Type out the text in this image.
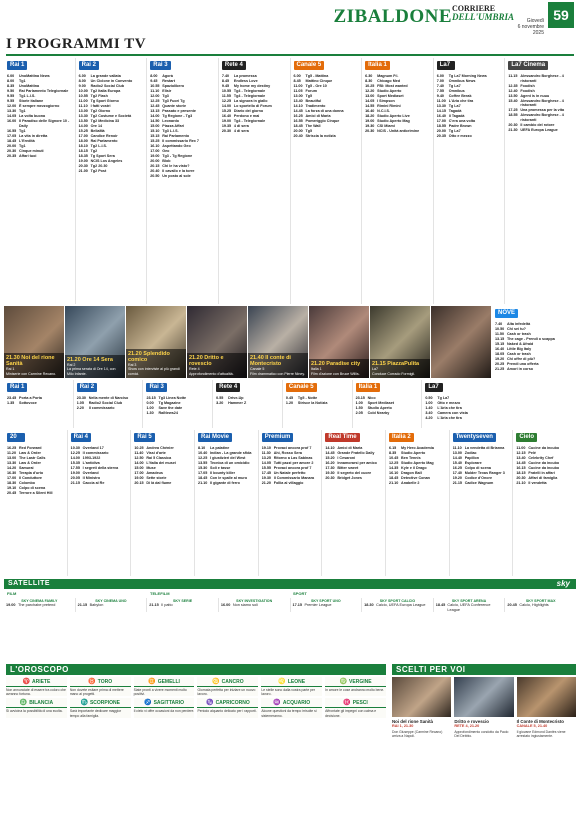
ZIBALDONE CORRIERE
DELL'UMBRIA	Giovedì
6 novembre
2025
59
I PROGRAMMI TV
Rai 1
6.00	UnoMattina News
8.00	Tg1
8.35	UnoMattina
9.50	Rai Parlamento Telegiornale
9.55	Tg1 L.I.S.
9.55	Storie italiane
12.00 È sempre mezzogiorno
13.30 Tg1
14.05 La volta buona
16.00 Il Paradiso delle Signore 10 - Daily
16.55 Tg1
17.05 La vita in diretta
18.45 L'Eredità
20.00 Tg1
20.30 Cinque minuti
20.35 Affari tuoi
Rai 2
6.00	La grande vallata
8.00	Un Ciclone in Convento
9.00	Radio2 Social Club
10.00 Tg2 Italia Europa
10.55 Tg2 Flash
11.00 Tg Sport Giorno
11.10 I fatti vostri
13.00 Tg2 Giorno
13.30 Tg2 Costume e Società
13.50 Tg2 Medicina 33
14.00 Ore 14
15.25 BellaMà
17.00 Candice Renoir
18.00 Rai Parlamento
18.10 Tg2 L.I.S.
18.15 Tg2
18.35 Tg Sport Sera
19.00 NCIS Los Angeles
20.30 Tg2 20.30
21.00 Tg2 Post
Rai 3
8.00	Agorà
9.45	Restart
10.55 Spaziolibero
11.10 Elisir
12.00 Tg3
12.25 Tg3 Fuori Tg
12.45 Quante storie
13.15 Passato e presente
14.00 Tg Regione - Tg3
14.50 Leonardo
15.00 Piazza Affari
15.10 Tg3 L.I.S.
15.15 Rai Parlamento
15.25 Il commissario Rex 7
16.10 Aspettando Geo
17.00 Geo
19.00 Tg3 - Tg Regione
20.00 Blob
20.15 Chi le ha visto?
20.40 Il cavallo e la torre
20.50 Un posto al sole
Rete 4
7.40	La promessa
8.45	Endless Love
9.45	My home my destiny
10.55 Tg4 - Telegiornale
11.55 Tg4 - Telegiornale
12.25 La signora in giallo
14.00 Lo sportello di Forum
15.25 Diario del giorno
16.40 Perdono e mai
19.00 Tg4 - Telegiornale
19.35 4 di sera
20.30 4 di sera
Canale 5
6.00	Tg5 - Mattina
8.45	Mattino Cinque
11.00 Tg5 - Ore 10
11.05 Forum
13.00 Tg5
13.40 Beautiful
14.10 Tradimento
14.45 La forza di una donna
16.25 Amici di Maria
16.55 Pomeriggio Cinque
18.45 The Wall
20.00 Tg5
20.40 Striscia la notizia
Italia 1
6.30	Magnum P.I.
8.30	Chicago Med
10.25 FBI: Most wanted
12.20 Studio Aperto
13.00 Sport Mediaset
14.05 I Simpson
14.55 Rimini Rimini
16.40 N.C.I.S.
18.20 Studio Aperto Live
19.00 Studio Aperto Mag
19.30 CSI Miami
20.30 NCIS - Unità anticrimine
La7
6.00	Tg La7 Morning News
7.00	Omnibus News
7.40	Tg La7
7.55	Omnibus
9.40	Coffee Break
11.00 L'Aria che tira
13.30 Tg La7
14.15 Tagadà
16.40 Il Tagadà
17.00 C'era una volta
18.55 Padre Brown
20.00 Tg La7
20.35 Otto e mezzo
La7 Cinema
11.15 Alessandro Borghese - 4 ristoranti
12.35 Foodish
12.40 Foodish
13.50 Agent is in nuuu
15.40 Alessandro Borghese - 4 ristoranti
17.25 Una promessa per la vita
18.55 Alessandro Borghese - 4 ristoranti
20.30 Il cambio del rotore
21.30 UEFA Europa League
NOVE
7.40	Alta infedeltà
10.50 Chi sei tu?
11.50 Cash or trash
13.15 The cage - Prendi o scappa
15.15 Naked & Afraid
16.40 Little Big Italy
18.05 Cash or trash
19.20 Chi offre di più?
20.25 Prendi una offerta
21.25 Amori in corso
21.30 Noi del rione Sanità
Rai 1
Miniserie con Carmine Recano.
21.20 Ore 14 Sera
Rai 2
La prima serata di Ore 14, con Milo Infante.
21.20 Splendido comico
Rai 3
Show con interviste ai più grandi comici.
21.20 Dritto e rovescio
Rete 4
Approfondimento d'attualità.
21.40 Il conte di Montecristo
Canale 5
Film drammatico con Pierre Niney.
21.20 Paradise city
Italia 1
Film d'azione con Bruce Willis.
21.15 PiazzaPulita
La7
Conduce Corrado Formigli.
Rai 1
23.45 Porta a Porta
1.35	Sottovoce
Rai 2
23.30 Nella mente di Narciso
1.05	Radio2 Social Club
2.20	Il commissario
Rai 3
23.15 Tg3 Linea Notte
0.00	Tg Magazine
1.00	Save the date
1.30	RaiNews24
Rete 4
0.55	Drive-Up
3.20	Hammer Z
Canale 5
0.45	Tg5 - Notte
1.20	Strisce la Notizia
Italia 1
23.15 Nico
1.00	Sport Mediaset
1.50	Studio Aperto
2.05	Cold Nearby
La7
0.50	Tg La7
1.00	Otto e mezzo
1.40	L'Aria che tira
3.40	Camera con vista
4.20	L'Aria che tira
20
16.25 Red Forward
11.20 Law & Order
13.00 The Lastr Calls
13.30 Law & Order
14.20 Samurai
16.30 Terapia d'urto
17.00 Il Conduttore
18.30 Colombo
19.10 Colpo di scena
20.45 Terrore a Silent Hill
Rai 4
10.30 Overland 17
12.25 Il commissario
14.00 1993-1922
15.35 L'antidiva
17.55 I segreti della sterva
19.00 Overland
20.05 Il Ministro
21.15 Caccia al Re
Rai 5
10.25 Andrea Chénier
11.40 Vissi d'arte
12.50 Rai 5 Classica
14.00 L'Italia dei musei
15.00 Muse
17.00 Amadeus
19.00 Sette storie
20.15 Di là dal fiume
Rai Movie
8.10	La palatine
10.40 Indian - La grande sfida
12.25 I giustizieri del West
13.55 Tecnica di un omicidio
15.30 Soli e tasse
17.05 Il bounty killer
18.45 Con le spalle al muro
21.10 Il gigante di ferro
Premium
19.10 Provaci ancora prof 7
11.30 Ahi, Rosso Sera
13.25 Ritorno a Las Sabinas
14.05 Tutti pazzi per amore 2
15.55 Provaci ancora prof 7
17.45 Un Natale perfetto
19.30 Il Commissario Manara
21.20 Follia al villaggio
Real Time
14.10 Amici di Maria
14.45 Grande Fratello Daily
15.20 I Cesaroni
16.20 Innamorarsi per amico
17.30 Bitter sweet
19.30 Il segreto del cuore
20.30 Bridget Jones
Italia 2
6.15	My Hero Academia
8.35	Studio Aperto
10.45 Ben Tennis
12.25 Studio Aperto Mag
14.35 Kyle e il Drago
16.10 Dragon Ball
18.45 Detective Conan
21.10 Anabelle 2
Twentyseven
11.10 La vendetta di Brianna
13.00 Zodiac
14.40 Papillon
15.40 Esplorare
16.25 Colpo di scena
17.40 Mulder Texas Ranger 3
19.20 Codice d'Onore
21.15 Cadice Wagnum
Cielo
11.00 Cucine da incubo
12.15 Pelé
13.40 Celebrity Chef
14.45 Cucine da incubo
16.15 Cucine da incubo
18.15 Fratelli in affari
20.30 Affari di famiglia
21.10 Il vendetta
SATELLITE	sky
FILM	TELEFILM	SPORT
SKY CINEMA FAMILY
19.00 The parchabe pretend
SKY CINEMA UNO
21.15 Babylon
SKY SERIE
21.15 Il patto
SKY INVESTIGATION
16.00 Non siamo soli
SKY SPORT UNO
17.15 Premier League
SKY SPORT CALCIO
18.30 Calcio, UEFA Europa League
SKY SPORT ARENA
18.45 Calcio, UEFA Conference League
SKY SPORT MAX
20.45 Calcio, Highlights
L'OROSCOPO
♈ ARIETE
Non annunciate di essere tra coloro che avranno fortuna.
♉ TORO
Non dovete esitare prima di mettere mano ai progetti.
♊ GEMELLI
Siate pronti a vivere momenti molto positivi.
♋ CANCRO
Giornata perfetta per iniziare un nuovo lavoro.
♌ LEONE
Le stelle sono dalla vostra parte per lavoro.
♍ VERGINE
In amore le cose andranno molto bene.
♎ BILANCIA
Si avvicina la possibilità di una svolta.
♏ SCORPIONE
Sarà importante dedicare maggior tempo alla famiglia.
♐ SAGITTARIO
Il cielo vi offre occasioni da non perdere.
♑ CAPRICORNO
Periodo alquanto delicato per i rapporti.
♒ ACQUARIO
Alcune questioni da tempo irrisolte si sistemeranno.
♓ PESCI
Affrontate gli impegni con calma e decisione.
SCELTI PER VOI
Noi del rione Sanità
RAI 1, 21.30
Don Giuseppe (Carmine Recano) arriva a Napoli.
Dritto e rovescio
RETE 4, 21.20
Approfondimento condotto da Paolo Del Debbio.
Il Conte di Montecristo
CANALE 5, 21.40
Il giovane Edmond Dantès viene arrestato ingiustamente.
